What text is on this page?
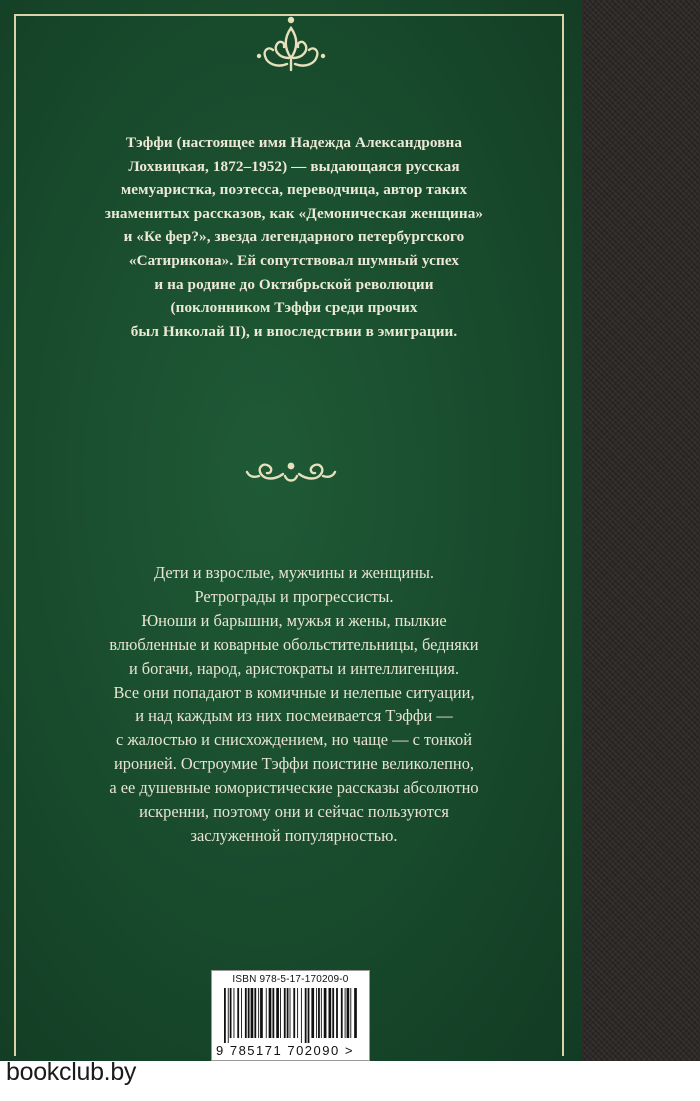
Тэффи (настоящее имя Надежда Александровна
Лохвицкая, 1872–1952) — выдающаяся русская
мемуаристка, поэтесса, переводчица, автор таких
знаменитых рассказов, как «Демоническая женщина»
и «Ке фер?», звезда легендарного петербургского
«Сатирикона». Ей сопутствовал шумный успех
и на родине до Октябрьской революции
(поклонником Тэффи среди прочих
был Николай II), и впоследствии в эмиграции.
Дети и взрослые, мужчины и женщины.
Ретрограды и прогрессисты.
Юноши и барышни, мужья и жены, пылкие
влюбленные и коварные обольстительницы, бедняки
и богачи, народ, аристократы и интеллигенция.
Все они попадают в комичные и нелепые ситуации,
и над каждым из них посмеивается Тэффи —
с жалостью и снисхождением, но чаще — с тонкой
иронией. Остроумие Тэффи поистине великолепно,
а ее душевные юмористические рассказы абсолютно
искренни, поэтому они и сейчас пользуются
заслуженной популярностью.
ISBN 978-5-17-170209-0
9 785171 702090 >
bookclub.by
